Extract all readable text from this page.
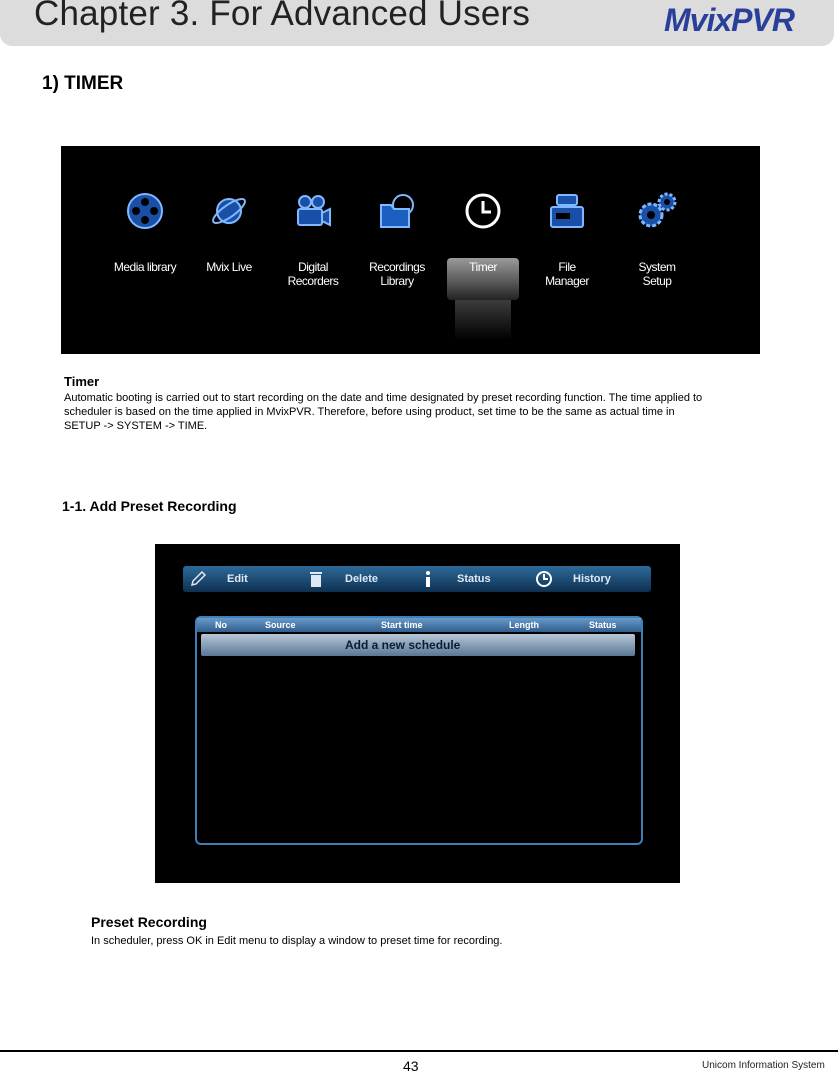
Chapter 3. For Advanced Users	MvixPVR
1) TIMER
Media library	Mvix Live	Digital
Recorders
Recordings
Library
Timer	File
Manager
System
Setup
Timer
Automatic booting is carried out to start recording on the date and time designated by preset recording function. The time applied to scheduler is based on the time applied in MvixPVR. Therefore, before using product, set time to be the same as actual time in SETUP -> SYSTEM -> TIME.
1-1. Add Preset Recording
Edit	Delete	Status	History
No	Source	Start time	Length	Status
Add a new schedule
Preset Recording
In scheduler, press OK in Edit menu to display a window to preset time for recording.
43	Unicom Information System
